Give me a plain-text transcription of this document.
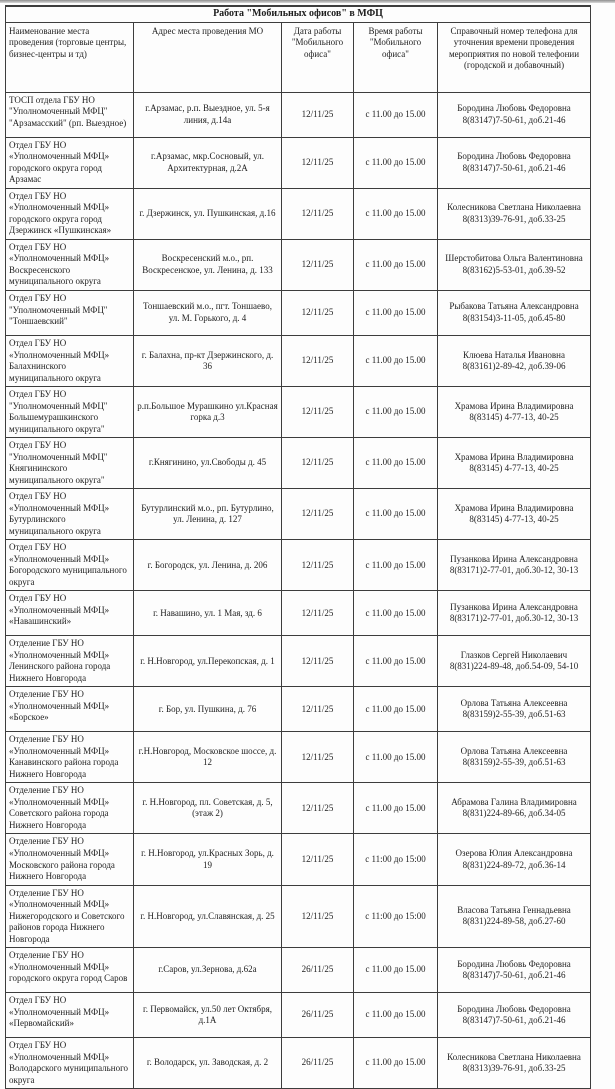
Работа "Мобильных офисов" в МФЦ				
Наименование места проведения (торговые центры, бизнес-центры и тд)	Адрес места проведения МО	Дата работы "Мобильного офиса"	Время работы "Мобильного офиса"	Справочный номер телефона для уточнения времени проведения мероприятия по новой телефонии (городской и добавочный)
ТОСП отдела ГБУ НО "Уполномоченный МФЦ" "Арзамасский" (рп. Выездное)	г.Арзамас, р.п. Выездное, ул. 5-я линия, д.14а	12/11/25	с 11.00 до 15.00	Бородина Любовь Федоровна
8(83147)7-50-61, доб.21-46

Отдел ГБУ НО «Уполномоченный МФЦ» городского округа город Арзамас	г.Арзамас, мкр.Сосновый, ул. Архитектурная, д.2А	12/11/25	с 11.00 до 15.00	Бородина Любовь Федоровна
8(83147)7-50-61, доб.21-46

Отдел ГБУ НО «Уполномоченный МФЦ» городского округа город Дзержинск «Пушкинская»	г. Дзержинск, ул. Пушкинская, д.16	12/11/25	с 11.00 до 15.00	Колесникова Светлана Николаевна
8(8313)39-76-91, доб.33-25

Отдел ГБУ НО «Уполномоченный МФЦ» Воскресенского муниципального округа	Воскресенский м.о., рп. Воскресенское, ул. Ленина, д. 133	12/11/25	с 11.00 до 15.00	Шерстобитова Ольга Валентиновна
8(83162)5-53-01, доб.39-52

Отдел ГБУ НО "Уполномоченный МФЦ" "Тоншаевский"	Тоншаевский м.о., пгт. Тоншаево, ул. М. Горького, д. 4	12/11/25	с 11.00 до 15.00	Рыбакова Татьяна Александровна
8(83154)3-11-05, доб.45-80

Отдел ГБУ НО «Уполномоченный МФЦ» Балахнинского муниципального округа	г. Балахна, пр-кт Дзержинского, д. 36	12/11/25	с 11.00 до 15.00	Клюева Наталья Ивановна
8(83161)2-89-42, доб.39-06

Отдел ГБУ НО "Уполномоченный МФЦ" Большемурашкинского муниципального округа"	р.п.Большое Мурашкино ул.Красная горка д.3	12/11/25	с 11.00 до 15.00	Храмова Ирина Владимировна
8(83145) 4-77-13, 40-25

Отдел ГБУ НО "Уполномоченный МФЦ" Княгининского муниципального округа"	г.Княгинино, ул.Свободы д. 45	12/11/25	с 11.00 до 15.00	Храмова Ирина Владимировна
8(83145) 4-77-13, 40-25

Отдел ГБУ НО «Уполномоченный МФЦ» Бутурлинского муниципального округа	Бутурлинский м.о., рп. Бутурлино, ул. Ленина, д. 127	12/11/25	с 11.00 до 15.00	Храмова Ирина Владимировна
8(83145) 4-77-13, 40-25

Отдел ГБУ НО «Уполномоченный МФЦ» Богородского муниципального округа	г. Богородск, ул. Ленина, д. 206	12/11/25	с 11.00 до 15.00	Пузанкова Ирина Александровна
8(83171)2-77-01, доб.30-12, 30-13

Отдел ГБУ НО «Уполномоченный МФЦ» «Навашинский»	г. Навашино, ул. 1 Мая, зд. 6	12/11/25	с 11.00 до 15.00	Пузанкова Ирина Александровна
8(83171)2-77-01, доб.30-12, 30-13

Отделение ГБУ НО «Уполномоченный МФЦ» Ленинского района города Нижнего Новгорода	г. Н.Новгород, ул.Перекопская, д. 1	12/11/25	с 11.00 до 15.00	Глазков Сергей Николаевич
8(831)224-89-48, доб.54-09, 54-10

Отделение ГБУ НО «Уполномоченный МФЦ» «Борское»	г. Бор, ул. Пушкина, д. 76	12/11/25	с 11.00 до 15.00	Орлова Татьяна Алексеевна
8(83159)2-55-39, доб.51-63

Отделение ГБУ НО «Уполномоченный МФЦ» Канавинского района города Нижнего Новгорода	г.Н.Новгород, Московское шоссе, д. 12	12/11/25	с 11.00 до 15.00	Орлова Татьяна Алексеевна
8(83159)2-55-39, доб.51-63

Отделение ГБУ НО «Уполномоченный МФЦ» Советского района города Нижнего Новгорода	г. Н.Новгород, пл. Советская, д. 5, (этаж 2)	12/11/25	с 11.00 до 15.00	Абрамова Галина Владимировна
8(831)224-89-66, доб.34-05

Отделение ГБУ НО «Уполномоченный МФЦ» Московского района города Нижнего Новгорода	г. Н.Новгород, ул.Красных Зорь, д. 19	12/11/25	с 11:00 до 15:00	Озерова Юлия Александровна
8(831)224-89-72, доб.36-14

Отделение ГБУ НО «Уполномоченный МФЦ» Нижегородского и Советского районов города Нижнего Новгорода	г. Н.Новгород, ул.Славянская, д. 25	12/11/25	с 11:00 до 15:00	Власова Татьяна Геннадьевна
8(831)224-89-58, доб.27-60

Отделение ГБУ НО «Уполномоченный МФЦ» городского округа город Саров	г.Саров, ул.Зернова, д.62а	26/11/25	с 11.00 до 15.00	Бородина Любовь Федоровна
8(83147)7-50-61, доб.21-46

Отдел ГБУ НО «Уполномоченный МФЦ» «Первомайский»	г. Первомайск, ул.50 лет Октября, д.1А	26/11/25	с 11.00 до 15.00	Бородина Любовь Федоровна
8(83147)7-50-61, доб.21-46

Отдел ГБУ НО «Уполномоченный МФЦ» Володарского муниципального округа	г. Володарск, ул. Заводская, д. 2	26/11/25	с 11.00 до 15.00	Колесникова Светлана Николаевна
8(8313)39-76-91, доб.33-25
